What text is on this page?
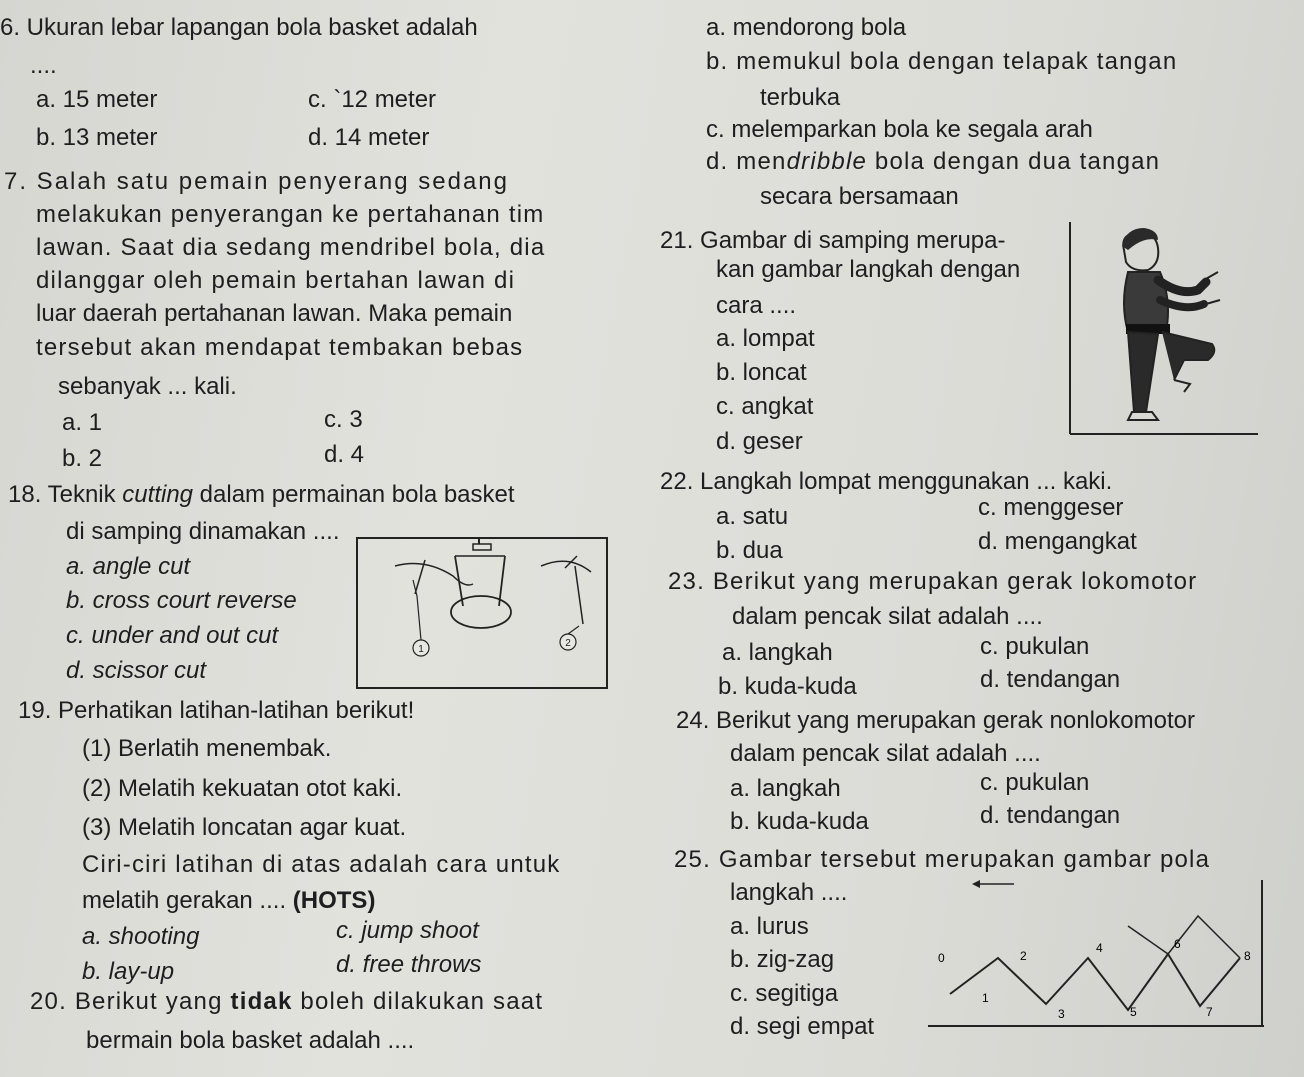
6. Ukuran lebar lapangan bola basket adalah
....
a. 15 meter	c. `12 meter
b. 13 meter	d. 14 meter
7. Salah satu pemain penyerang sedang
melakukan penyerangan ke pertahanan tim
lawan. Saat dia sedang mendribel bola, dia
dilanggar oleh pemain bertahan lawan di
luar daerah pertahanan lawan. Maka pemain
tersebut akan mendapat tembakan bebas
sebanyak ... kali.
a. 1	c. 3
b. 2	d. 4
18. Teknik cutting dalam permainan bola basket
di samping dinamakan ....
a. angle cut
b. cross court reverse
c. under and out cut
d. scissor cut
1
2
19. Perhatikan latihan-latihan berikut!
(1) Berlatih menembak.
(2) Melatih kekuatan otot kaki.
(3) Melatih loncatan agar kuat.
Ciri-ciri latihan di atas adalah cara untuk
melatih gerakan .... (HOTS)
a. shooting	c. jump shoot
b. lay-up	d. free throws
20. Berikut yang tidak boleh dilakukan saat
bermain bola basket adalah ....
a. mendorong bola
b. memukul bola dengan telapak tangan
terbuka
c. melemparkan bola ke segala arah
d. mendribble bola dengan dua tangan
secara bersamaan
21. Gambar di samping merupa-
kan gambar langkah dengan
cara ....
a. lompat
b. loncat
c. angkat
d. geser
22. Langkah lompat menggunakan ... kaki.
a. satu	c. menggeser
b. dua	d. mengangkat
23. Berikut yang merupakan gerak lokomotor
dalam pencak silat adalah ....
a. langkah	c. pukulan
b. kuda-kuda	d. tendangan
24. Berikut yang merupakan gerak nonlokomotor
dalam pencak silat adalah ....
a. langkah	c. pukulan
b. kuda-kuda	d. tendangan
25. Gambar tersebut merupakan gambar pola
langkah ....
a. lurus
b. zig-zag
c. segitiga
d. segi empat
0
1
2
3
4
5
6
7
8
